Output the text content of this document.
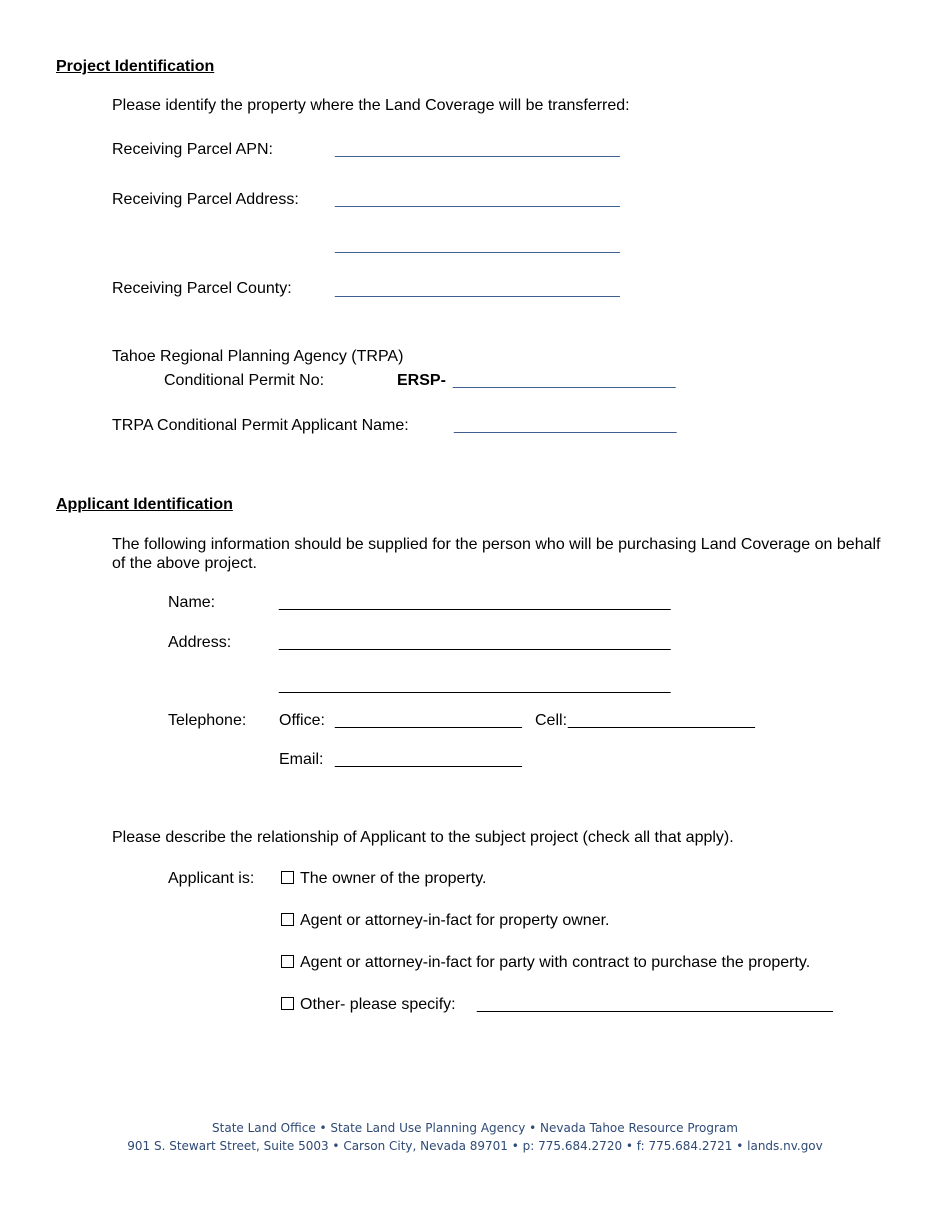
Project Identification
Please identify the property where the Land Coverage will be transferred:
Receiving Parcel APN:	________________________________
Receiving Parcel Address: ________________________________
________________________________
Receiving Parcel County:	________________________________
Tahoe Regional Planning Agency (TRPA)
Conditional Permit No:	ERSP- _________________________
TRPA Conditional Permit Applicant Name:	_________________________
Applicant Identification
The following information should be supplied for the person who will be purchasing Land Coverage on behalf of the above project.
Name:	____________________________________________
Address:	____________________________________________
____________________________________________
Telephone: Office: _____________________ Cell: _____________________
Email: _____________________
Please describe the relationship of Applicant to the subject project (check all that apply).
Applicant is:	The owner of the property.
Agent or attorney-in-fact for property owner.
Agent or attorney-in-fact for party with contract to purchase the property.
Other- please specify: ________________________________________
State Land Office • State Land Use Planning Agency • Nevada Tahoe Resource Program
901 S. Stewart Street, Suite 5003 • Carson City, Nevada 89701 • p: 775.684.2720 • f: 775.684.2721 • lands.nv.gov
